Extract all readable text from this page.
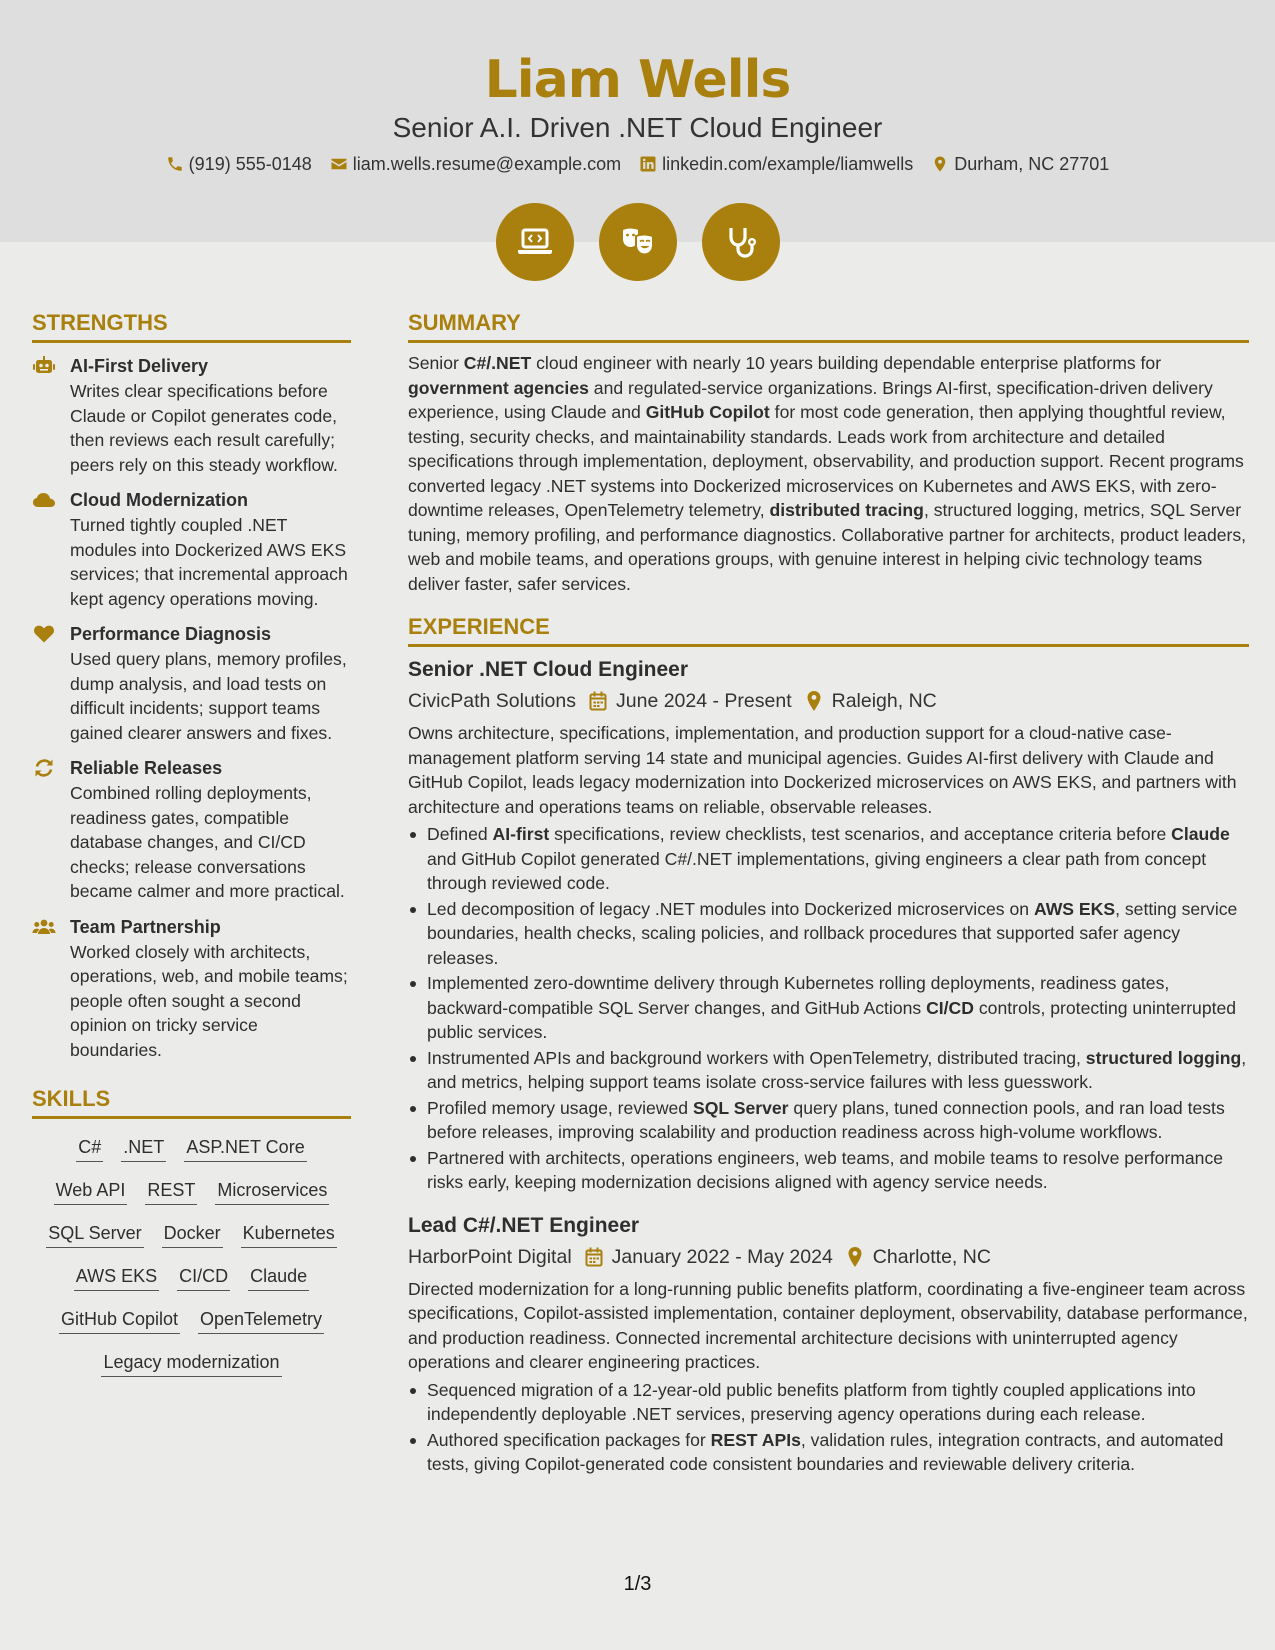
Liam Wells
Senior A.I. Driven .NET Cloud Engineer
(919) 555-0148 liam.wells.resume@example.com linkedin.com/example/liamwells Durham, NC 27701
STRENGTHS
AI-First Delivery
Writes clear specifications before Claude or Copilot generates code, then reviews each result carefully; peers rely on this steady workflow.
Cloud Modernization
Turned tightly coupled .NET modules into Dockerized AWS EKS services; that incremental approach kept agency operations moving.
Performance Diagnosis
Used query plans, memory profiles, dump analysis, and load tests on difficult incidents; support teams gained clearer answers and fixes.
Reliable Releases
Combined rolling deployments, readiness gates, compatible database changes, and CI/CD checks; release conversations became calmer and more practical.
Team Partnership
Worked closely with architects, operations, web, and mobile teams; people often sought a second opinion on tricky service boundaries.
SKILLS
C# .NET ASP.NET Core
Web API REST Microservices
SQL Server Docker Kubernetes
AWS EKS CI/CD Claude
GitHub Copilot OpenTelemetry
Legacy modernization
SUMMARY
Senior C#/.NET cloud engineer with nearly 10 years building dependable enterprise platforms for government agencies and regulated-service organizations. Brings AI-first, specification-driven delivery experience, using Claude and GitHub Copilot for most code generation, then applying thoughtful review, testing, security checks, and maintainability standards. Leads work from architecture and detailed specifications through implementation, deployment, observability, and production support. Recent programs converted legacy .NET systems into Dockerized microservices on Kubernetes and AWS EKS, with zero-downtime releases, OpenTelemetry telemetry, distributed tracing, structured logging, metrics, SQL Server tuning, memory profiling, and performance diagnostics. Collaborative partner for architects, product leaders, web and mobile teams, and operations groups, with genuine interest in helping civic technology teams deliver faster, safer services.
EXPERIENCE
Senior .NET Cloud Engineer
CivicPath Solutions June 2024 - Present Raleigh, NC
Owns architecture, specifications, implementation, and production support for a cloud-native case-management platform serving 14 state and municipal agencies. Guides AI-first delivery with Claude and GitHub Copilot, leads legacy modernization into Dockerized microservices on AWS EKS, and partners with architecture and operations teams on reliable, observable releases.
Defined AI-first specifications, review checklists, test scenarios, and acceptance criteria before Claude and GitHub Copilot generated C#/.NET implementations, giving engineers a clear path from concept through reviewed code.
Led decomposition of legacy .NET modules into Dockerized microservices on AWS EKS, setting service boundaries, health checks, scaling policies, and rollback procedures that supported safer agency releases.
Implemented zero-downtime delivery through Kubernetes rolling deployments, readiness gates, backward-compatible SQL Server changes, and GitHub Actions CI/CD controls, protecting uninterrupted public services.
Instrumented APIs and background workers with OpenTelemetry, distributed tracing, structured logging, and metrics, helping support teams isolate cross-service failures with less guesswork.
Profiled memory usage, reviewed SQL Server query plans, tuned connection pools, and ran load tests before releases, improving scalability and production readiness across high-volume workflows.
Partnered with architects, operations engineers, web teams, and mobile teams to resolve performance risks early, keeping modernization decisions aligned with agency service needs.
Lead C#/.NET Engineer
HarborPoint Digital January 2022 - May 2024 Charlotte, NC
Directed modernization for a long-running public benefits platform, coordinating a five-engineer team across specifications, Copilot-assisted implementation, container deployment, observability, database performance, and production readiness. Connected incremental architecture decisions with uninterrupted agency operations and clearer engineering practices.
Sequenced migration of a 12-year-old public benefits platform from tightly coupled applications into independently deployable .NET services, preserving agency operations during each release.
Authored specification packages for REST APIs, validation rules, integration contracts, and automated tests, giving Copilot-generated code consistent boundaries and reviewable delivery criteria.
1/3
